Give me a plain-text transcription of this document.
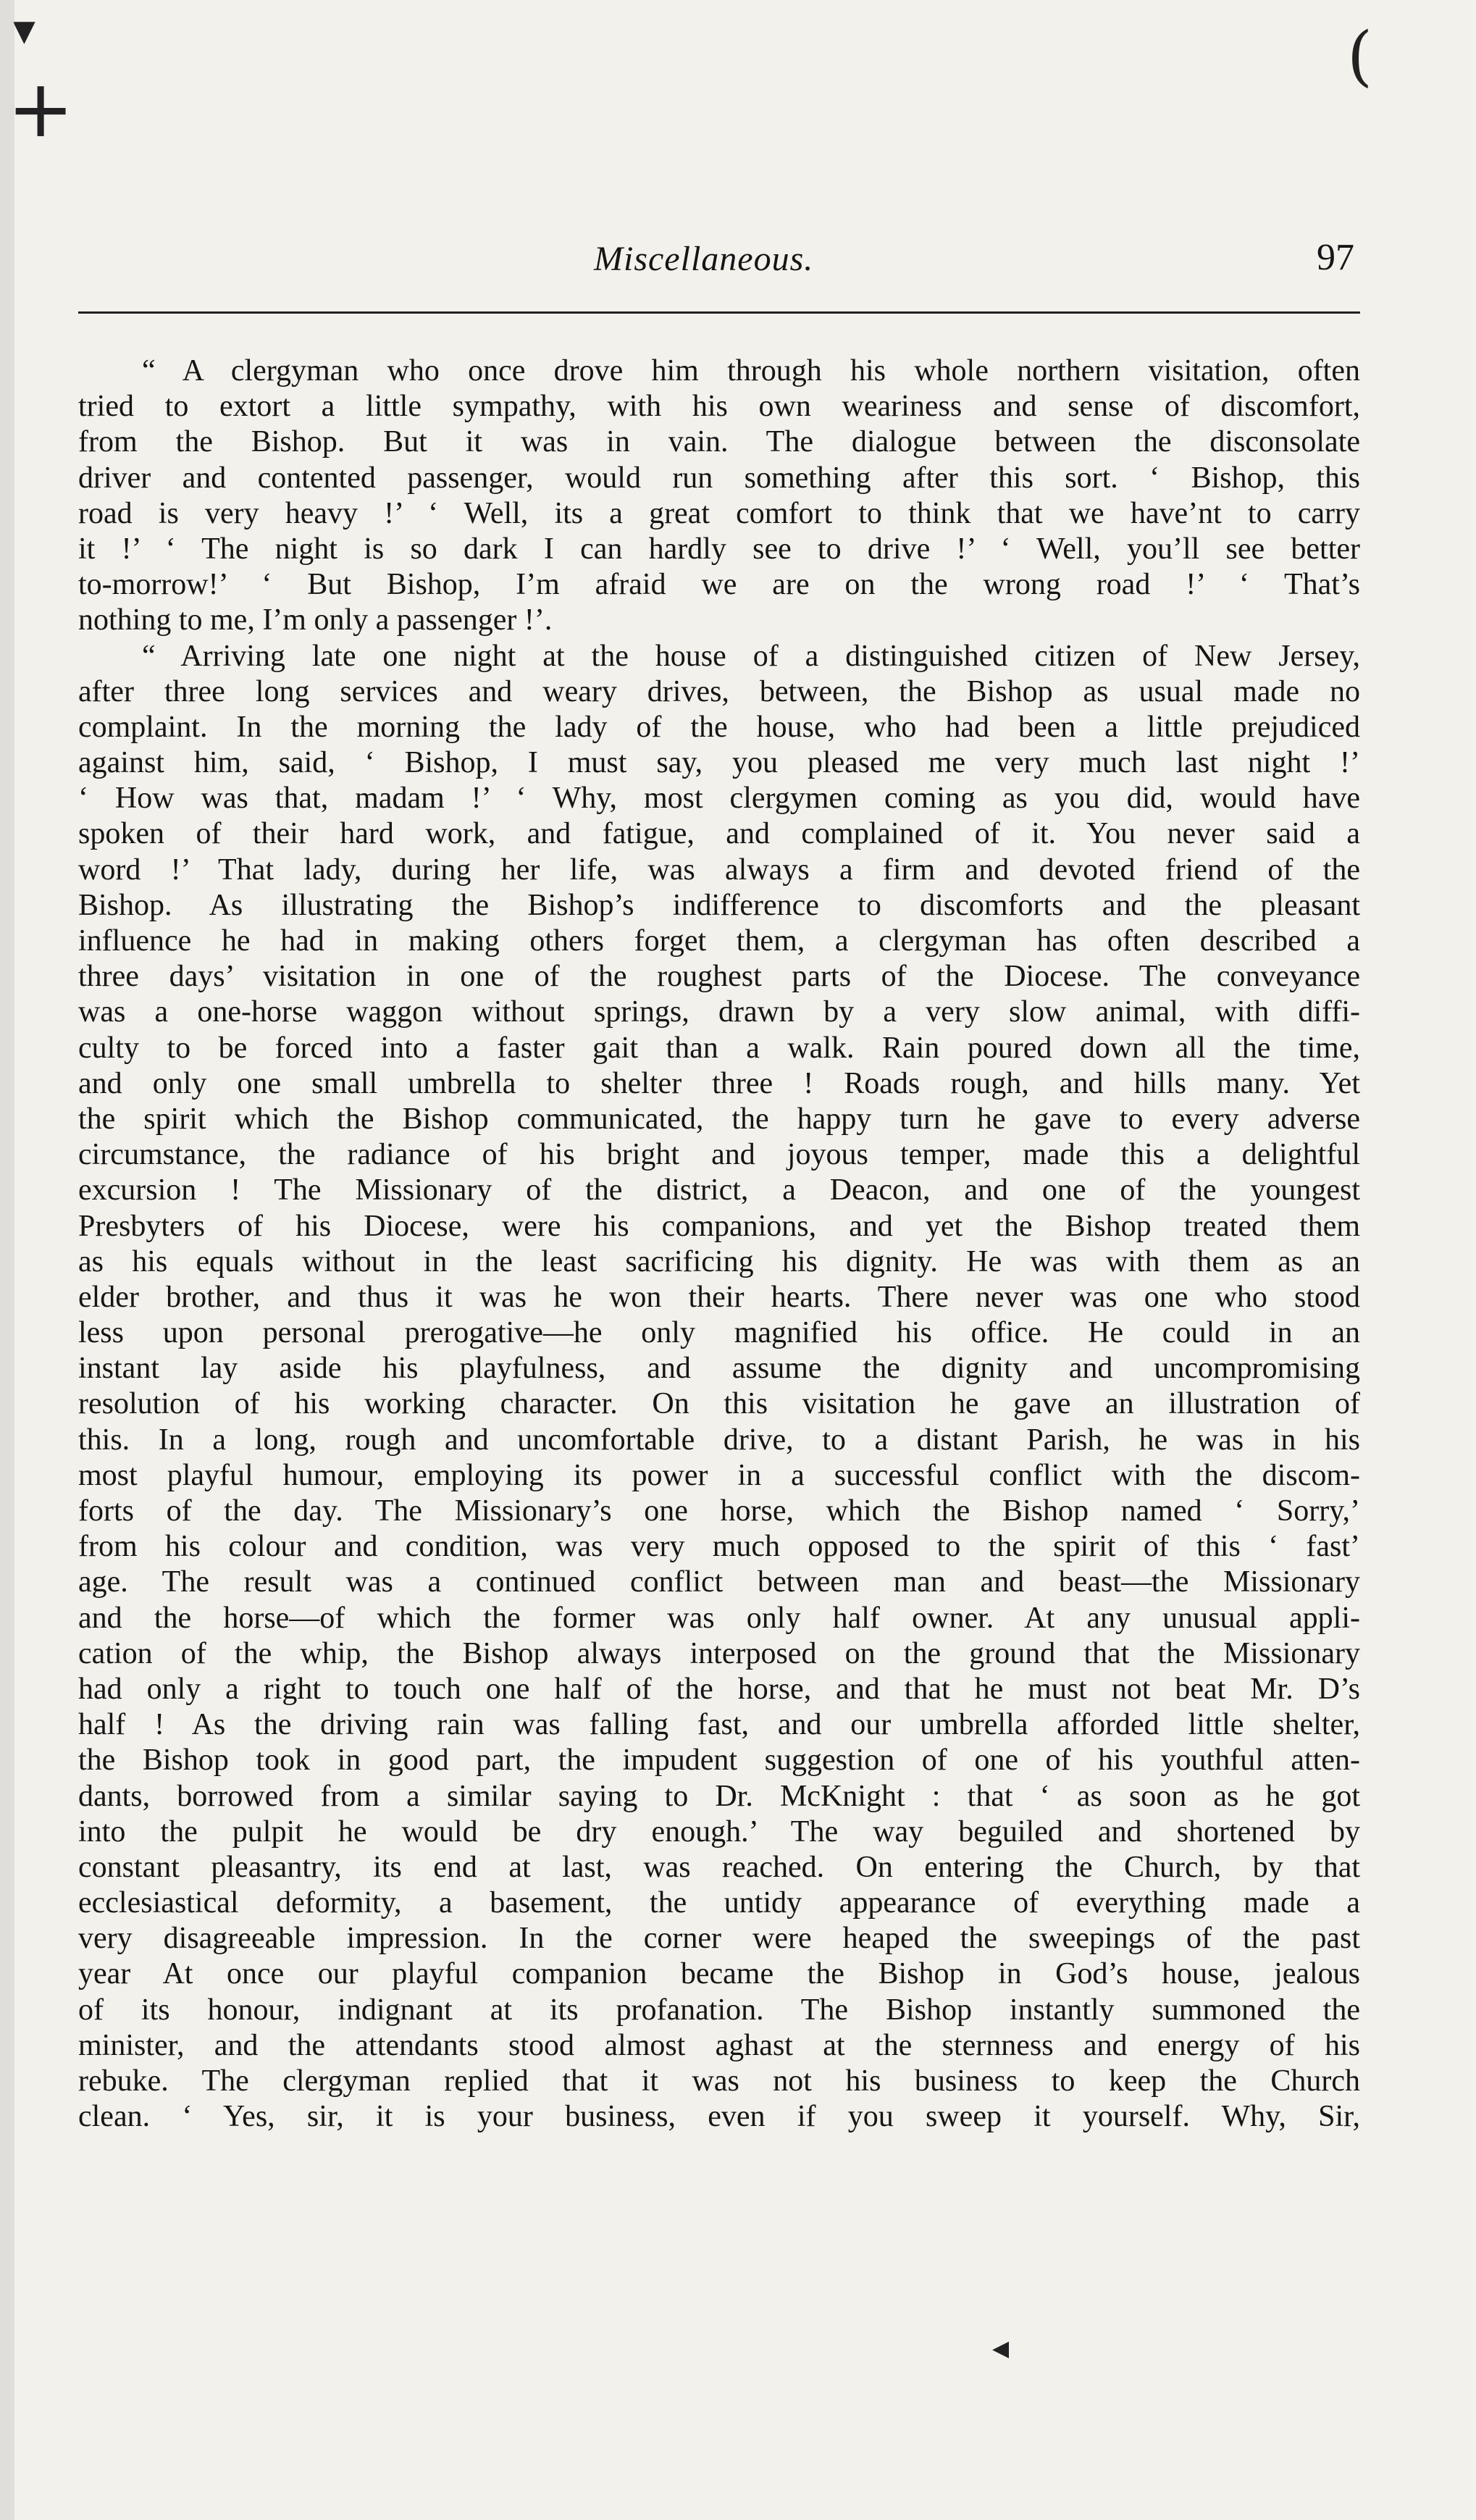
+
▼	(
Miscellaneous.	97
“ A clergyman who once drove him through his whole northern visitation, often
tried to extort a little sympathy, with his own weariness and sense of discomfort,
from the Bishop. But it was in vain. The dialogue between the disconsolate
driver and contented passenger, would run something after this sort. ‘ Bishop, this
road is very heavy !’ ‘ Well, its a great comfort to think that we have’nt to carry
it !’ ‘ The night is so dark I can hardly see to drive !’ ‘ Well, you’ll see better
to-morrow!’ ‘ But Bishop, I’m afraid we are on the wrong road !’ ‘ That’s
nothing to me, I’m only a passenger !’.
“ Arriving late one night at the house of a distinguished citizen of New Jersey,
after three long services and weary drives, between, the Bishop as usual made no
complaint. In the morning the lady of the house, who had been a little prejudiced
against him, said, ‘ Bishop, I must say, you pleased me very much last night !’
‘ How was that, madam !’ ‘ Why, most clergymen coming as you did, would have
spoken of their hard work, and fatigue, and complained of it. You never said a
word !’ That lady, during her life, was always a firm and devoted friend of the
Bishop. As illustrating the Bishop’s indifference to discomforts and the pleasant
influence he had in making others forget them, a clergyman has often described a
three days’ visitation in one of the roughest parts of the Diocese. The conveyance
was a one-horse waggon without springs, drawn by a very slow animal, with diffi-
culty to be forced into a faster gait than a walk. Rain poured down all the time,
and only one small umbrella to shelter three ! Roads rough, and hills many. Yet
the spirit which the Bishop communicated, the happy turn he gave to every adverse
circumstance, the radiance of his bright and joyous temper, made this a delightful
excursion ! The Missionary of the district, a Deacon, and one of the youngest
Presbyters of his Diocese, were his companions, and yet the Bishop treated them
as his equals without in the least sacrificing his dignity. He was with them as an
elder brother, and thus it was he won their hearts. There never was one who stood
less upon personal prerogative—he only magnified his office. He could in an
instant lay aside his playfulness, and assume the dignity and uncompromising
resolution of his working character. On this visitation he gave an illustration of
this. In a long, rough and uncomfortable drive, to a distant Parish, he was in his
most playful humour, employing its power in a successful conflict with the discom-
forts of the day. The Missionary’s one horse, which the Bishop named ‘ Sorry,’
from his colour and condition, was very much opposed to the spirit of this ‘ fast’
age. The result was a continued conflict between man and beast—the Missionary
and the horse—of which the former was only half owner. At any unusual appli-
cation of the whip, the Bishop always interposed on the ground that the Missionary
had only a right to touch one half of the horse, and that he must not beat Mr. D’s
half ! As the driving rain was falling fast, and our umbrella afforded little shelter,
the Bishop took in good part, the impudent suggestion of one of his youthful atten-
dants, borrowed from a similar saying to Dr. McKnight : that ‘ as soon as he got
into the pulpit he would be dry enough.’ The way beguiled and shortened by
constant pleasantry, its end at last, was reached. On entering the Church, by that
ecclesiastical deformity, a basement, the untidy appearance of everything made a
very disagreeable impression. In the corner were heaped the sweepings of the past
year At once our playful companion became the Bishop in God’s house, jealous
of its honour, indignant at its profanation. The Bishop instantly summoned the
minister, and the attendants stood almost aghast at the sternness and energy of his
rebuke. The clergyman replied that it was not his business to keep the Church
clean. ‘ Yes, sir, it is your business, even if you sweep it yourself. Why, Sir,
◀
